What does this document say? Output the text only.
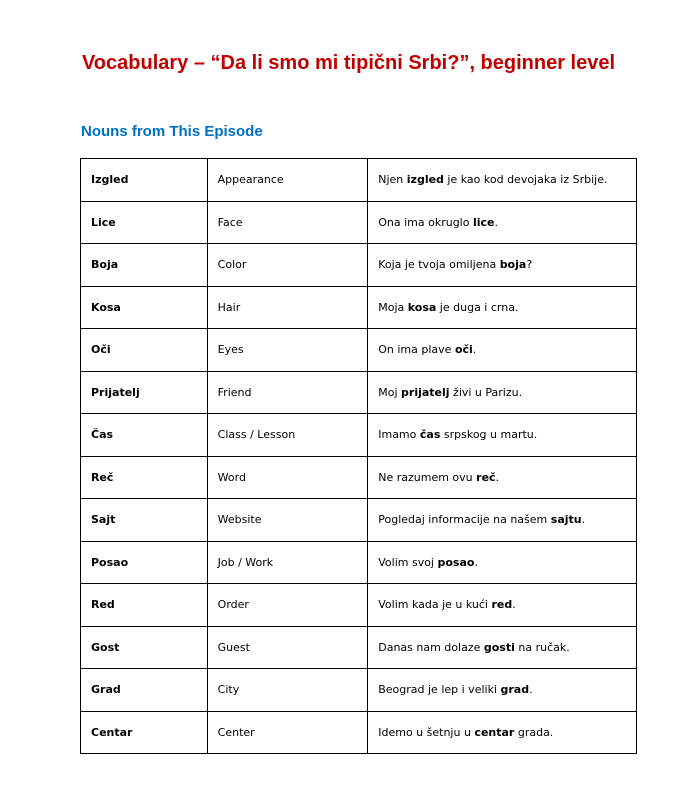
Vocabulary – “Da li smo mi tipični Srbi?”, beginner level
Nouns from This Episode
Izgled	Appearance	Njen izgled je kao kod devojaka iz Srbije.
Lice	Face	Ona ima okruglo lice.
Boja	Color	Koja je tvoja omiljena boja?
Kosa	Hair	Moja kosa je duga i crna.
Oči	Eyes	On ima plave oči.
Prijatelj	Friend	Moj prijatelj živi u Parizu.
Čas	Class / Lesson	Imamo čas srpskog u martu.
Reč	Word	Ne razumem ovu reč.
Sajt	Website	Pogledaj informacije na našem sajtu.
Posao	Job / Work	Volim svoj posao.
Red	Order	Volim kada je u kući red.
Gost	Guest	Danas nam dolaze gosti na ručak.
Grad	City	Beograd je lep i veliki grad.
Centar	Center	Idemo u šetnju u centar grada.
